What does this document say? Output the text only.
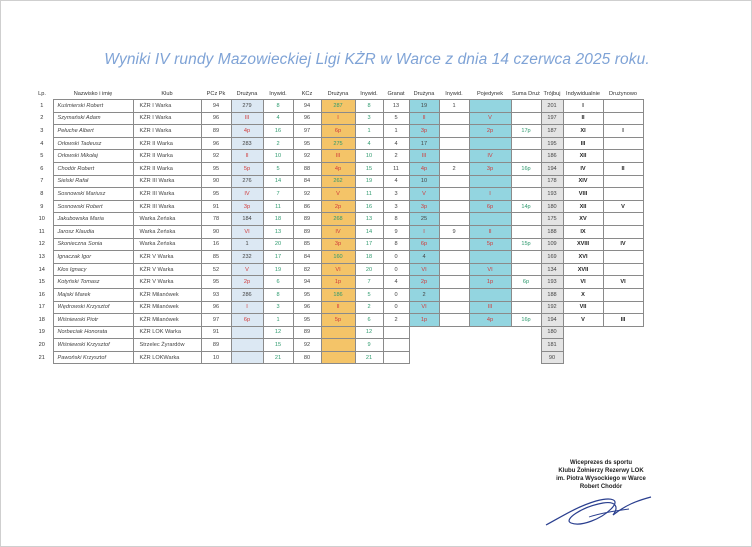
Wyniki IV rundy Mazowieckiej Ligi KŻR w Warce z dnia 14 czerwca 2025 roku.
Lp.	Nazwisko i imię	Klub	PCz Pk	Drużyna	Inywid.	KCz	Drużyna	Inywid.	Granat	Drużyna	Inywid.	Pojedynek	Suma Druż	Trójbuj	Indywidualnie	Drużynowo
1	Kuśmierski Robert	KŻR I Warka	94	279	8	94	287	8	13	19	1			201	I	
2	Szymański Adam	KŻR I Warka	96	III	4	96	I	3	5	II		V		197	II	
3	Pełuche Albert	KŻR I Warka	89	4p	16	97	6p	1	1	3p		2p	17p	187	XI	I
4	Orłowski Tadeusz	KŻR II Warka	96	283	2	95	275	4	4	17				195	III	
5	Orłowski Mikołaj	KŻR II Warka	92	II	10	92	III	10	2	III		IV		186	XII	
6	Chodór Robert	KŻR II Warka	95	5p	5	88	4p	15	11	4p	2	3p	16p	194	IV	II
7	Sielski Rafał	KŻR III Warka	90	276	14	84	262	19	4	10				178	XIV	
8	Sosnowski Mariusz	KŻR III Warka	95	IV	7	92	V	11	3	V		I		193	VIII	
9	Sosnowski Robert	KŻR III Warka	91	3p	11	86	2p	16	3	3p		6p	14p	180	XII	V
10	Jakubowska Maria	Warka Żeńska	78	184	18	89	268	13	8	25				175	XV	
11	Jarosz Klaudia	Warka Żeńska	90	VI	13	89	IV	14	9	I	9	II		188	IX	
12	Skonieczna Sonia	Warka Żeńska	16	1	20	85	3p	17	8	6p		5p	15p	109	XVIII	IV
13	Ignaczak Igor	KŻR V Warka	85	232	17	84	160	18	0	4				169	XVI	
14	Kłos Ignacy	KŻR V Warka	52	V	19	82	VI	20	0	VI		VI		134	XVII	
15	Kotyński Tomasz	KŻR V Warka	95	2p	6	94	1p	7	4	2p		1p	6p	193	VI	VI
16	Majski Marek	KŻR Milanówek	93	286	8	95	186	5	0	2				188	X	
17	Wędrowski Krzysztof	KŻR Milanówek	96	I	3	96	II	2	0	VI		III		192	VII	
18	Wiśniewski Piotr	KŻR Milanówek	97	6p	1	95	5p	6	2	1p		4p	16p	194	V	III
19	Norbeciak Honorata	KŻR LOK Warka	91		12	89		12						180		
20	Wiśniewski Krzysztof	Strzelec Żyrardów	89		15	92		9						181		
21	Pawoński Krzysztof	KŻR LOKWarka	10		21	80		21						90		
Wiceprezes ds sportu
Klubu Żołnierzy Rezerwy LOK
im. Piotra Wysockiego w Warce
Robert Chodór
